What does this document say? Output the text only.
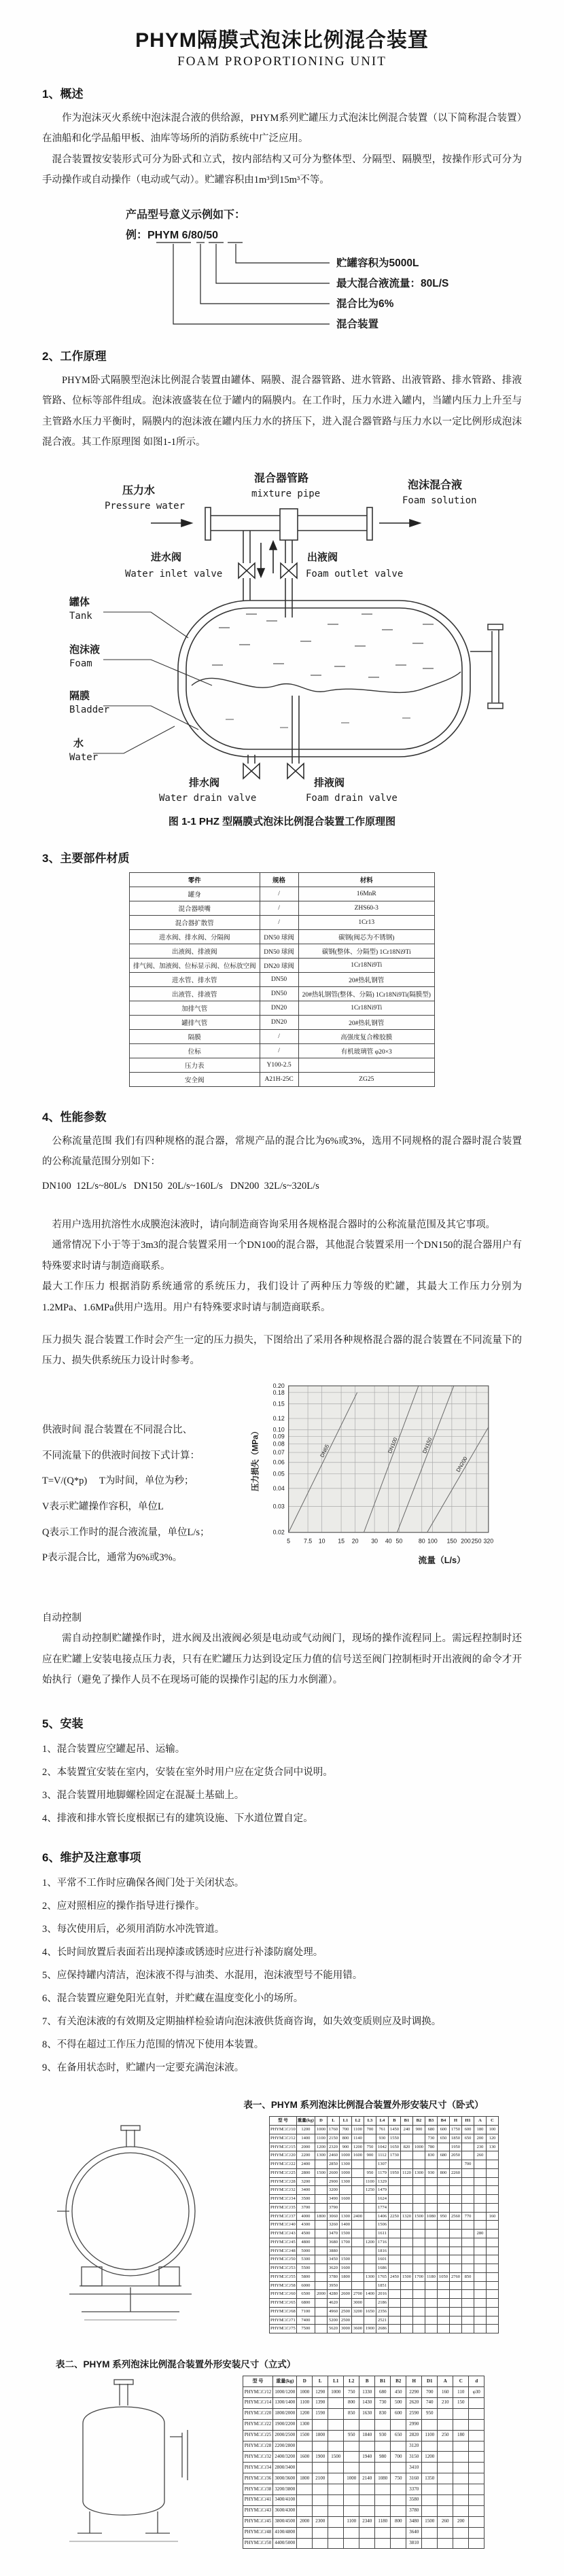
PHYM隔膜式泡沫比例混合装置
FOAM PROPORTIONING UNIT
1、概述
作为泡沫灭火系统中泡沫混合液的供给源，PHYM系列贮罐压力式泡沫比例混合装置（以下简称混合装置）在油船和化学品船甲板、油库等场所的消防系统中广泛应用。
混合装置按安装形式可分为卧式和立式，按内部结构又可分为整体型、分隔型、隔膜型，按操作形式可分为手动操作或自动操作（电动或气动）。贮罐容积由1m³到15m³不等。
产品型号意义示例如下：
例：PHYM 6/80/50
贮罐容积为5000L
最大混合液流量：80L/S
混合比为6%
混合装置
2、工作原理
PHYM卧式隔膜型泡沫比例混合装置由罐体、隔膜、混合器管路、进水管路、出液管路、排水管路、排液管路、位标等部件组成。泡沫液盛装在位于罐内的隔膜内。在工作时，压力水进入罐内，当罐内压力上升至与主管路水压力平衡时，隔膜内的泡沫液在罐内压力水的挤压下，进入混合器管路与压力水以一定比例形成泡沫混合液。其工作原理图 如图1-1所示。
压力水
Pressure water
混合器管路
mixture pipe
泡沫混合液
Foam solution
进水阀
Water inlet valve
出液阀
Foam outlet valve
罐体
Tank
泡沫液
Foam
隔膜
Bladder
水
Water
排水阀
Water drain valve
排液阀
Foam drain valve
图 1-1 PHZ 型隔膜式泡沫比例混合装置工作原理图
3、主要部件材质
零件	规格	材料
罐身	/	16MnR
混合器喷嘴	/	ZHS60-3
混合器扩散管	/	1Cr13
进水阀、排水阀、分隔阀	DN50 球阀	碳钢(阀芯为不锈钢)
出液阀、排液阀	DN50 球阀	碳钢(整体、分隔型) 1Cr18Ni9Ti
排气阀、加液阀、位标显示阀、位标放空阀	DN20 球阀	1Cr18Ni9Ti
进水管、排水管	DN50	20#热轧钢管
出液管、排液管	DN50	20#热轧钢管(整体、分隔) 1Cr18Ni9Ti(隔膜型)
加排气管	DN20	1Cr18Ni9Ti
罐排气管	DN20	20#热轧钢管
隔膜	/	高强度复合橡胶膜
位标	/	有机玻璃管 φ20×3
压力表	Y100-2.5	
安全阀	A21H-25C	ZG25
4、性能参数
公称流量范围 我们有四种规格的混合器，常规产品的混合比为6%或3%，选用不同规格的混合器时混合装置的公称流量范围分别如下：
DN100  12L/s~80L/s   DN150  20L/s~160L/s   DN200  32L/s~320L/s
若用户选用抗溶性水成膜泡沫液时，请向制造商咨询采用各规格混合器时的公称流量范围及其它事项。
通常情况下小于等于3m3的混合装置采用一个DN100的混合器，其他混合装置采用一个DN150的混合器用户有特殊要求时请与制造商联系。
最大工作压力 根据消防系统通常的系统压力，我们设计了两种压力等级的贮罐，其最大工作压力分别为1.2MPa、1.6MPa供用户选用。用户有特殊要求时请与制造商联系。
压力损失 混合装置工作时会产生一定的压力损失，下图给出了采用各种规格混合器的混合装置在不同流量下的压力、损失供系统压力设计时参考。
供液时间 混合装置在不同混合比、
不同流量下的供液时间按下式计算：
T=V/(Q*p)　 T为时间，单位为秒；
V表示贮罐操作容积，单位L
Q表示工作时的混合液流量，单位L/s；
P表示混合比，通常为6%或3%。
DN65	DN100	DN150
DN200
0.20
0.18
0.15
0.12
0.10
0.09
0.08
0.07
0.06
0.05
0.04
0.03
0.02
5 7.5 10 15 20 30 40 50	80 100 150 200 250 320
压力损失（MPa）
流量（L/s）
自动控制
需自动控制贮罐操作时，进水阀及出液阀必须是电动或气动阀门，现场的操作流程同上。需远程控制时还应在贮罐上安装电接点压力表，只有在贮罐压力达到设定压力值的信号送至阀门控制柜时开出液阀的命令才开始执行（避免了操作人员不在现场可能的误操作引起的压力水倒灌）。
5、安装
1、混合装置应空罐起吊、运输。
2、本装置宜安装在室内，安装在室外时用户应在定货合同中说明。
3、混合装置用地脚螺栓固定在混凝土基础上。
4、排液和排水管长度根据已有的建筑设施、下水道位置自定。
6、维护及注意事项
1、平常不工作时应确保各阀门处于关闭状态。
2、应对照相应的操作指导进行操作。
3、每次使用后，必须用消防水冲洗管道。
4、长时间放置后表面若出现掉漆或锈迹时应进行补漆防腐处理。
5、应保持罐内清洁，泡沫液不得与油类、水混用，泡沫液型号不能用错。
6、混合装置应避免阳光直射，并贮藏在温度变化小的场所。
7、有关泡沫液的有效期及定期抽样检验请向泡沫液供货商咨询，如失效变质则应及时调换。
8、不得在超过工作压力范围的情况下使用本装置。
9、在备用状态时，贮罐内一定要充满泡沫液。
表一、PHYM 系列泡沫比例混合装置外形安装尺寸（卧式）
型 号	重量(kg)	D	L	L1	L2	L3	L4	B	B1	B2	B3	B4	H	H1	A	C
PHYM□/□/10	1200	1000	1760	700	1100	700	761	1450	240	900	680	600	1750	600	180	100
PHYM□/□/12	1400	1100	2150	800	1140		930	1550			730	650	1850	650	200	120
PHYM□/□/15	2000	1200	2320	900	1200	750	1042	1650	820	1000	780		1950		230	130
PHYM□/□/20	2200	1300	2460	1000	1600	900	1112	1730			830	680	2050		260	
PHYM□/□/22	2400		2850	1300			1307							700		
PHYM□/□/25	2800	1500	2600	1000		950	1179	1950	1120	1300	930	800	2260			
PHYM□/□/28	3200		2900	1300		1100	1329									
PHYM□/□/32	3400		3200			1250	1479									
PHYM□/□/34	3500		3490	1600			1624									
PHYM□/□/35	3700		3790				1774									
PHYM□/□/37	4000	1800	3060	1300	2400		1406	2250	1320	1500	1080	950	2560	770		160
PHYM□/□/40	4300		3260	1400			1506									
PHYM□/□/43	4500		3470	1500			1611								280	
PHYM□/□/45	4800		3680	1700		1200	1716									
PHYM□/□/48	5000		3880				1816									
PHYM□/□/50	5300		3450	1500			1601									
PHYM□/□/53	5500		3620	1600			1686									
PHYM□/□/55	5800		3780	1800		1300	1765	2450	1500	1700	1180	1050	2760	850		
PHYM□/□/58	6000		3950				1851									
PHYM□/□/60	6500	2000	4280	2600	2700	1400	2016									
PHYM□/□/65	6800		4620		3000		2186									
PHYM□/□/68	7100		4960	2500	3200	1650	2356									
PHYM□/□/71	7400		5200	2500			2521									
PHYM□/□/75	7500		5620	3000	3600	1900	2686									
表二、PHYM 系列泡沫比例混合装置外形安装尺寸（立式）
型 号	重量(kg)	D	L	L1	L2	B	B1	B2	H	D1	A	C	d
PHYM□/□/12	1000/1200	1000	1290	1000	750	1330	680	450	2290	700	160	110	φ30
PHYM□/□/14	1300/1400	1100	1390		800	1430	730	500	2620	740	210	150	
PHYM□/□/20	1800/2000	1200	1590		850	1630	830	600	2590	950			
PHYM□/□/22	1900/2200	1300							2990				
PHYM□/□/25	2000/2500	1500	1800		950	1840	930	650	2820	1100	250	180	
PHYM□/□/28	2200/2800								3120				
PHYM□/□/32	2400/3200	1600	1900	1500		1940	980	700	3150	1200			
PHYM□/□/34	2800/3400								3410				
PHYM□/□/36	3000/3600	1800	2100		1000	2140	1080	750	3160	1350			
PHYM□/□/38	3200/3800								3370				
PHYM□/□/41	3400/4100								3580				
PHYM□/□/43	3600/4300								3780				
PHYM□/□/45	3800/4500	2000	2300		1100	2340	1180	800	3480	1500	260	200	
PHYM□/□/48	4100/4800								3640				
PHYM□/□/50	4400/5000								3810				
